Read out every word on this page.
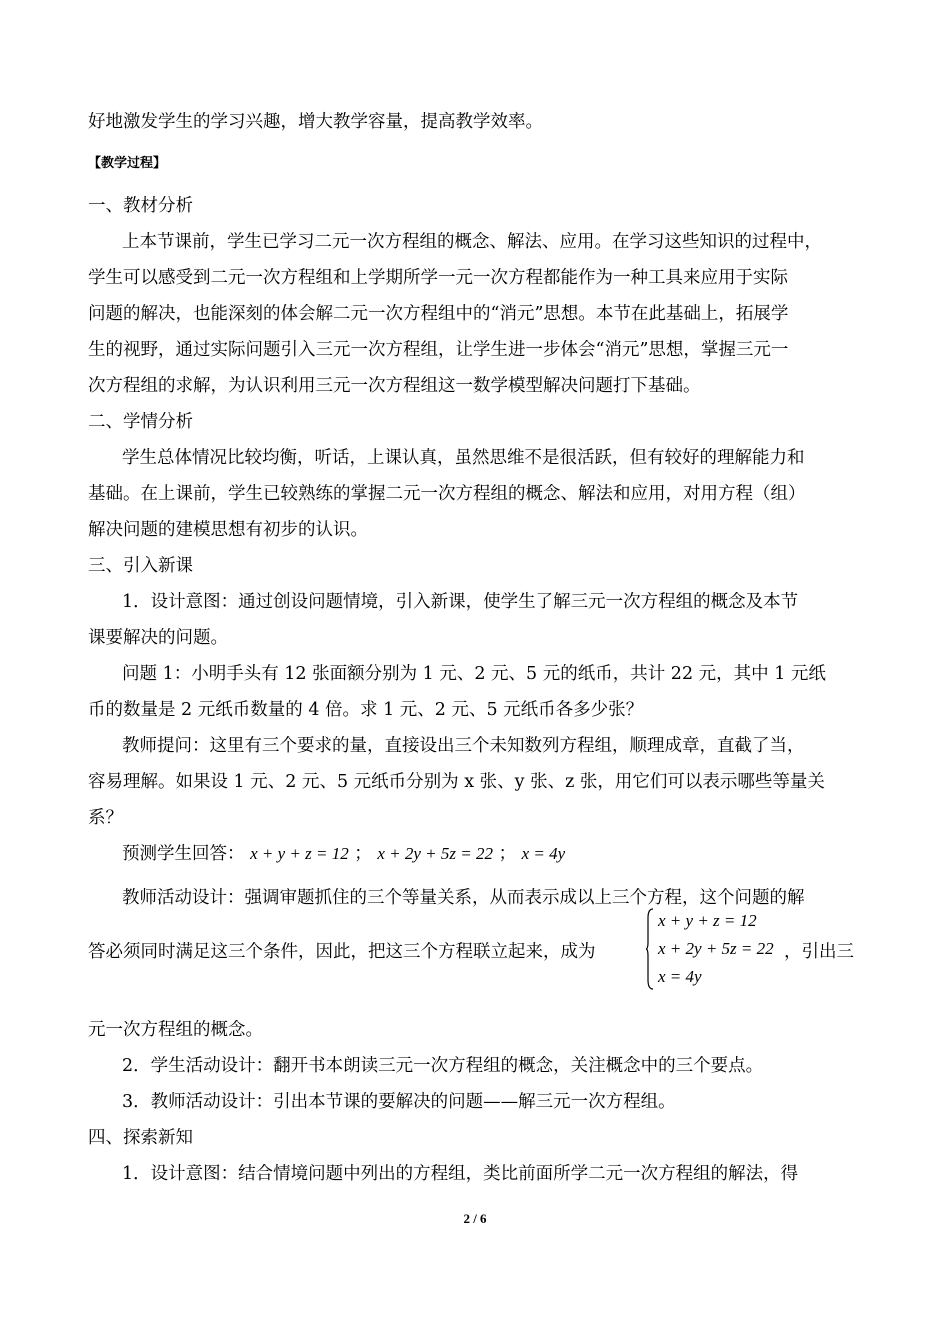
好地激发学生的学习兴趣，增大教学容量，提高教学效率。
【教学过程】
一、教材分析
上本节课前，学生已学习二元一次方程组的概念、解法、应用。在学习这些知识的过程中，
学生可以感受到二元一次方程组和上学期所学一元一次方程都能作为一种工具来应用于实际
问题的解决，也能深刻的体会解二元一次方程组中的“消元”思想。本节在此基础上，拓展学
生的视野，通过实际问题引入三元一次方程组，让学生进一步体会“消元”思想，掌握三元一
次方程组的求解，为认识利用三元一次方程组这一数学模型解决问题打下基础。
二、学情分析
学生总体情况比较均衡，听话，上课认真，虽然思维不是很活跃，但有较好的理解能力和
基础。在上课前，学生已较熟练的掌握二元一次方程组的概念、解法和应用，对用方程（组）
解决问题的建模思想有初步的认识。
三、引入新课
1．设计意图：通过创设问题情境，引入新课，使学生了解三元一次方程组的概念及本节
课要解决的问题。
问题 1：小明手头有 12 张面额分别为 1 元、2 元、5 元的纸币，共计 22 元，其中 1 元纸
币的数量是 2 元纸币数量的 4 倍。求 1 元、2 元、5 元纸币各多少张？
教师提问：这里有三个要求的量，直接设出三个未知数列方程组，顺理成章，直截了当，
容易理解。如果设 1 元、2 元、5 元纸币分别为 x 张、y 张、z 张，用它们可以表示哪些等量关
系？
预测学生回答： x + y + z = 12 ； x + 2y + 5z = 22 ； x = 4y
教师活动设计：强调审题抓住的三个等量关系，从而表示成以上三个方程，这个问题的解
答必须同时满足这三个条件，因此，把这三个方程联立起来，成为
x + y + z = 12
x + 2y + 5z = 22
x = 4y
，引出三
元一次方程组的概念。
2．学生活动设计：翻开书本朗读三元一次方程组的概念，关注概念中的三个要点。
3．教师活动设计：引出本节课的要解决的问题——解三元一次方程组。
四、探索新知
1．设计意图：结合情境问题中列出的方程组，类比前面所学二元一次方程组的解法，得
2 / 6
